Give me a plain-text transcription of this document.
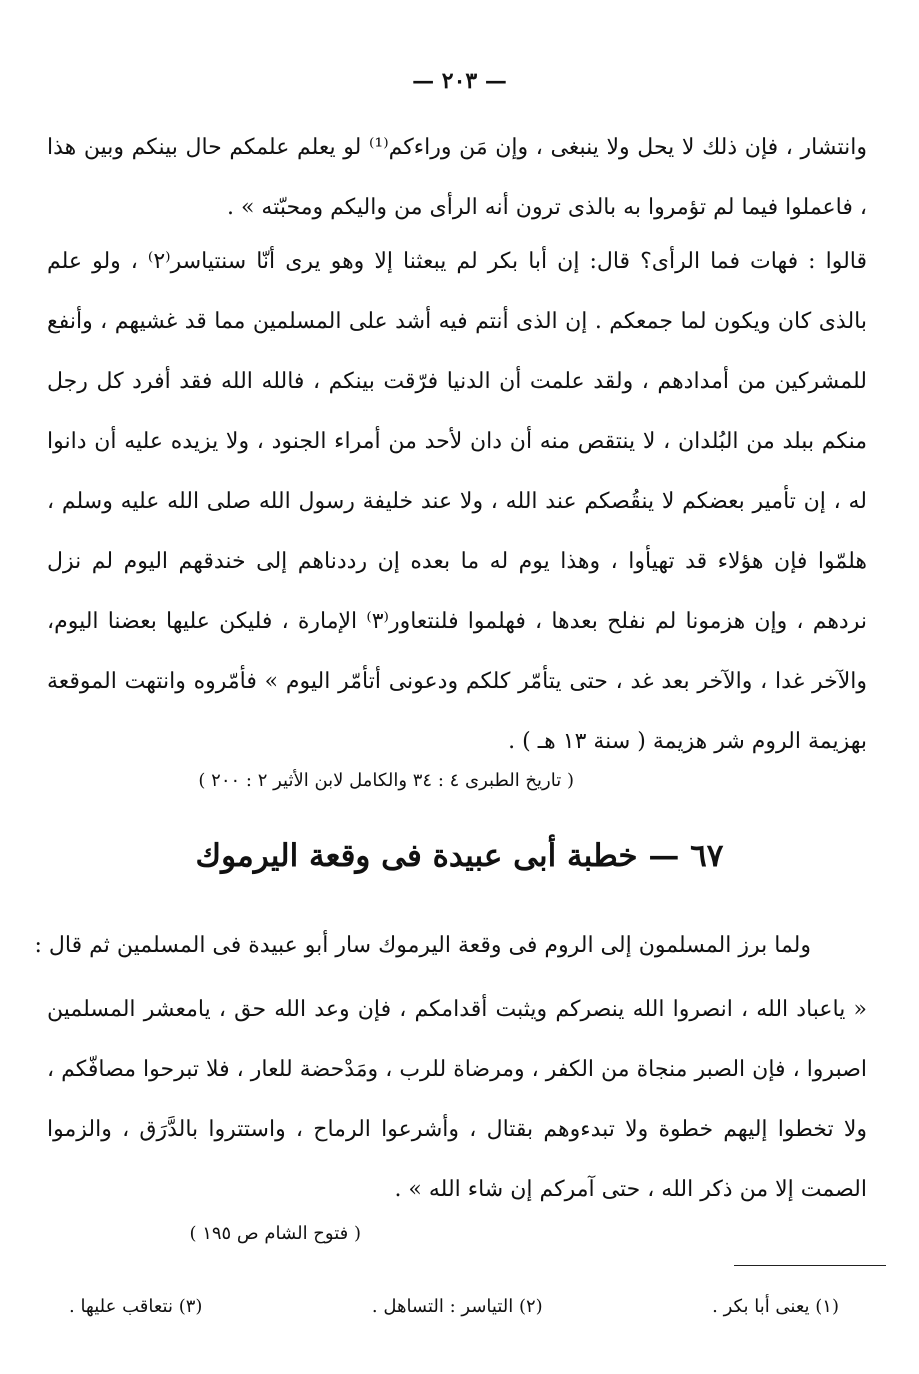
— ٢٠٣ —

وانتشار ، فإن ذلك لا يحل ولا ينبغى ، وإن مَن وراءكم⁽¹⁾ لو يعلم علمكم حال بينكم وبين هذا ، فاعملوا فيما لم تؤمروا به بالذى ترون أنه الرأى من واليكم ومحبّته » .

قالوا : فهات فما الرأى؟ قال: إن أبا بكر لم يبعثنا إلا وهو يرى أنّا سنتياسر⁽٢⁾ ، ولو علم بالذى كان ويكون لما جمعكم . إن الذى أنتم فيه أشد على المسلمين مما قد غشيهم ، وأنفع للمشركين من أمدادهم ، ولقد علمت أن الدنيا فرّقت بينكم ، فالله الله فقد أفرد كل رجل منكم ببلد من البُلدان ، لا ينتقص منه أن دان لأحد من أمراء الجنود ، ولا يزيده عليه أن دانوا له ، إن تأمير بعضكم لا ينقُصكم عند الله ، ولا عند خليفة رسول الله صلى الله عليه وسلم ، هلمّوا فإن هؤلاء قد تهيأوا ، وهذا يوم له ما بعده إن رددناهم إلى خندقهم اليوم لم نزل نردهم ، وإن هزمونا لم نفلح بعدها ، فهلموا فلنتعاور⁽٣⁾ الإمارة ، فليكن عليها بعضنا اليوم، والآخر غدا ، والآخر بعد غد ، حتى يتأمّر كلكم ودعونى أتأمّر اليوم » فأمّروه وانتهت الموقعة بهزيمة الروم شر هزيمة ( سنة ١٣ هـ ) .

( تاريخ الطبرى ٤ : ٣٤ والكامل لابن الأثير ٢ : ٢٠٠ )
٦٧ — خطبة أبى عبيدة فى وقعة اليرموك
ولما برز المسلمون إلى الروم فى وقعة اليرموك سار أبو عبيدة فى المسلمين ثم قال :

« ياعباد الله ، انصروا الله ينصركم ويثبت أقدامكم ، فإن وعد الله حق ، يامعشر المسلمين اصبروا ، فإن الصبر منجاة من الكفر ، ومرضاة للرب ، ومَدْحضة للعار ، فلا تبرحوا مصافّكم ، ولا تخطوا إليهم خطوة ولا تبدءوهم بقتال ، وأشرعوا الرماح ، واستتروا بالدَّرَق ، والزموا الصمت إلا من ذكر الله ، حتى آمركم إن شاء الله » .

( فتوح الشام ص ١٩٥ )
(١) يعنى أبا بكر .
(٢) التياسر : التساهل .
(٣) نتعاقب عليها .
